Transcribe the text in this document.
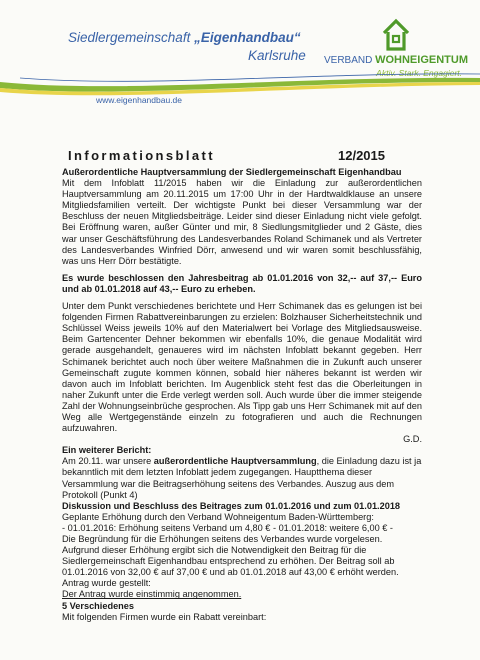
Siedlergemeinschaft „Eigenhandbau“
Karlsruhe	VERBAND WOHNEIGENTUM
Aktiv. Stark. Engagiert.
www.eigenhandbau.de
Informationsblatt	12/2015

Außerordentliche Hauptversammlung der Siedlergemeinschaft Eigenhandbau

Mit dem Infoblatt 11/2015 haben wir die Einladung zur außerordentlichen Hauptversammlung am 20.11.2015 um 17:00 Uhr in der Hardtwaldklause an unsere Mitgliedsfamilien verteilt. Der wichtigste Punkt bei dieser Versammlung war der Beschluss der neuen Mitgliedsbeiträge. Leider sind dieser Einladung nicht viele gefolgt. Bei Eröffnung waren, außer Günter und mir, 8 Siedlungsmitglieder und 2 Gäste, dies war unser Geschäftsführung des Landesverbandes Roland Schimanek und als Vertreter des Landesverbandes Winfried Dörr, anwesend und wir waren somit beschlussfähig, was uns Herr Dörr bestätigte.

Es wurde beschlossen den Jahresbeitrag ab 01.01.2016 von 32,-- auf 37,-- Euro und ab 01.01.2018 auf 43,-- Euro zu erheben.

Unter dem Punkt verschiedenes berichtete und Herr Schimanek das es gelungen ist bei folgenden Firmen Rabattvereinbarungen zu erzielen: Bolzhauser Sicherheitstechnik und Schlüssel Weiss jeweils 10% auf den Materialwert bei Vorlage des Mitgliedsausweise. Beim Gartencenter Dehner bekommen wir ebenfalls 10%, die genaue Modalität wird gerade ausgehandelt, genaueres wird im nächsten Infoblatt bekannt gegeben. Herr Schimanek berichtet auch noch über weitere Maßnahmen die in Zukunft auch unserer Gemeinschaft zugute kommen können, sobald hier näheres bekannt ist werden wir davon auch im Infoblatt berichten. Im Augenblick steht fest das die Oberleitungen in naher Zukunft unter die Erde verlegt werden soll. Auch wurde über die immer steigende Zahl der Wohnungseinbrüche gesprochen. Als Tipp gab uns Herr Schimanek mit auf den Weg alle Wertgegenstände einzeln zu fotografieren und auch die Rechnungen aufzuwahren.

G.D.

Ein weiterer Bericht:

Am 20.11. war unsere außerordentliche Hauptversammlung, die Einladung dazu ist ja bekanntlich mit dem letzten Infoblatt jedem zugegangen. Hauptthema dieser Versammlung war die Beitragserhöhung seitens des Verbandes. Auszug aus dem Protokoll (Punkt 4)

Diskussion und Beschluss des Beitrages zum 01.01.2016 und zum 01.01.2018

Geplante Erhöhung durch den Verband Wohneigentum Baden-Württemberg:

- 01.01.2016: Erhöhung seitens Verband um 4,80 € - 01.01.2018: weitere 6,00 € -

Die Begründung für die Erhöhungen seitens des Verbandes wurde vorgelesen.

Aufgrund dieser Erhöhung ergibt sich die Notwendigkeit den Beitrag für die

Siedlergemeinschaft Eigenhandbau entsprechend zu erhöhen. Der Beitrag soll ab

01.01.2016 von 32,00 € auf 37,00 € und ab 01.01.2018 auf 43,00 € erhöht werden.

Antrag wurde gestellt:

Der Antrag wurde einstimmig angenommen.

5 Verschiedenes

Mit folgenden Firmen wurde ein Rabatt vereinbart:
